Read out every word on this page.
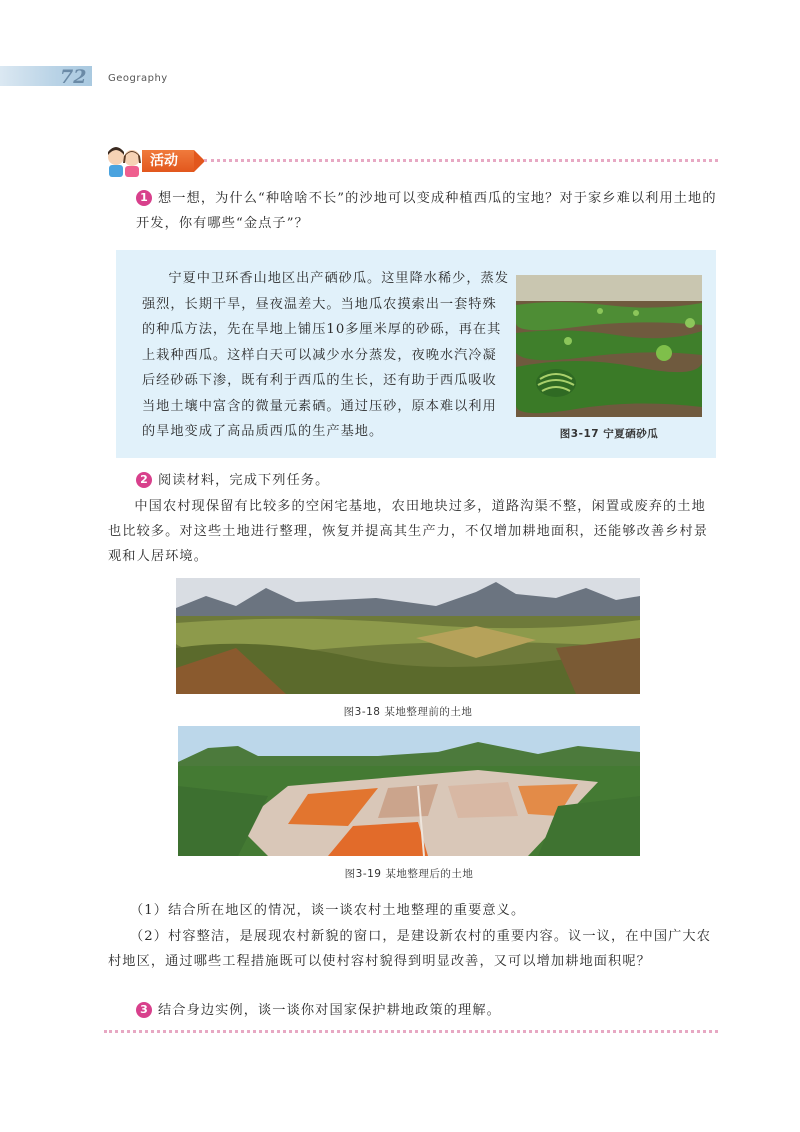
72 Geography
活动
1 想一想，为什么“种啥啥不长”的沙地可以变成种植西瓜的宝地？对于家乡难以利用土地的开发，你有哪些“金点子”？
宁夏中卫环香山地区出产硒砂瓜。这里降水稀少，蒸发强烈，长期干旱，昼夜温差大。当地瓜农摸索出一套特殊的种瓜方法，先在旱地上铺压10多厘米厚的砂砾，再在其上栽种西瓜。这样白天可以减少水分蒸发，夜晚水汽冷凝后经砂砾下渗，既有利于西瓜的生长，还有助于西瓜吸收当地土壤中富含的微量元素硒。通过压砂，原本难以利用的旱地变成了高品质西瓜的生产基地。	图3-17 宁夏硒砂瓜
2 阅读材料，完成下列任务。
中国农村现保留有比较多的空闲宅基地，农田地块过多，道路沟渠不整，闲置或废弃的土地也比较多。对这些土地进行整理，恢复并提高其生产力，不仅增加耕地面积，还能够改善乡村景观和人居环境。
图3-18 某地整理前的土地
图3-19 某地整理后的土地
（1）结合所在地区的情况，谈一谈农村土地整理的重要意义。
（2）村容整洁，是展现农村新貌的窗口，是建设新农村的重要内容。议一议，在中国广大农村地区，通过哪些工程措施既可以使村容村貌得到明显改善，又可以增加耕地面积呢？
3 结合身边实例，谈一谈你对国家保护耕地政策的理解。
